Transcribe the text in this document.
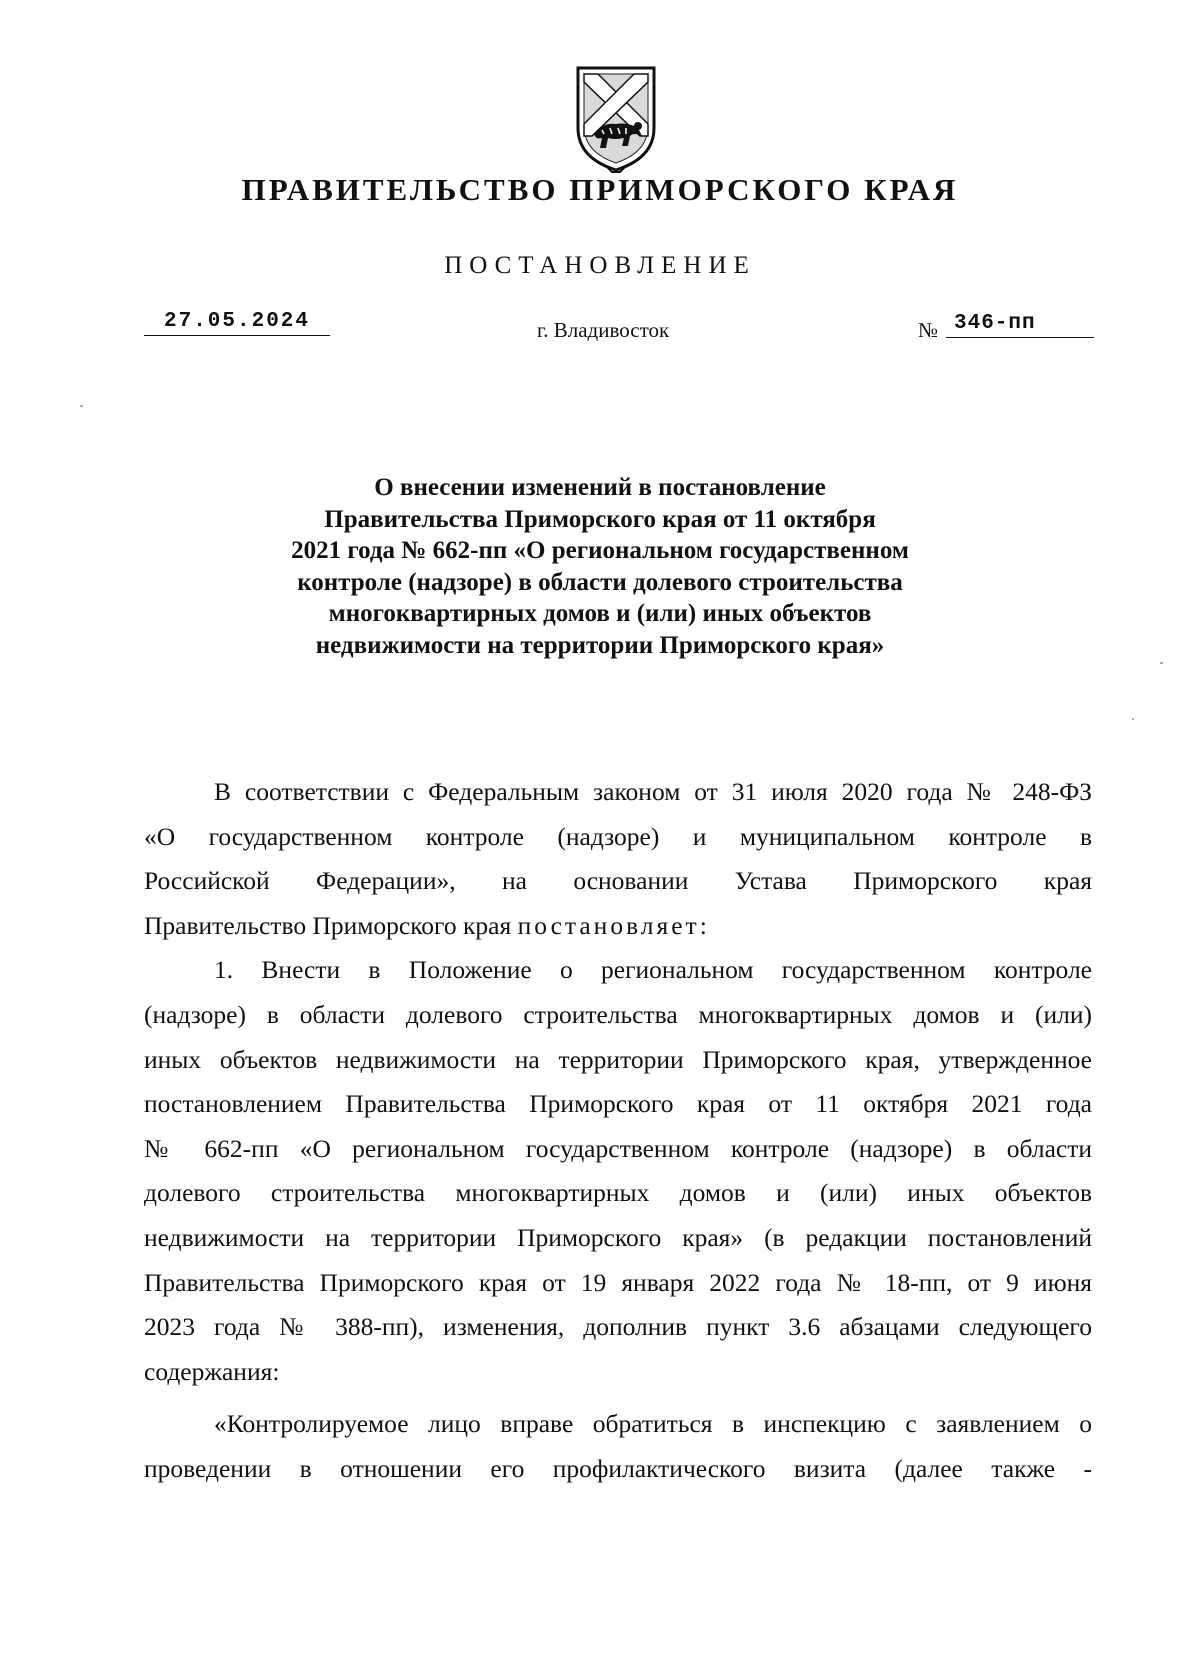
ПРАВИТЕЛЬСТВО ПРИМОРСКОГО КРАЯ
ПОСТАНОВЛЕНИЕ
27.05.2024	г. Владивосток	№ 346-пп
О внесении изменений в постановление
Правительства Приморского края от 11 октября
2021 года № 662-пп «О региональном государственном
контроле (надзоре) в области долевого строительства
многоквартирных домов и (или) иных объектов
недвижимости на территории Приморского края»
В соответствии с Федеральным законом от 31 июля 2020 года № 248-ФЗ
«О государственном контроле (надзоре) и муниципальном контроле в
Российской Федерации», на основании Устава Приморского края
Правительство Приморского края постановляет:
1. Внести в Положение о региональном государственном контроле
(надзоре) в области долевого строительства многоквартирных домов и (или)
иных объектов недвижимости на территории Приморского края, утвержденное
постановлением Правительства Приморского края от 11 октября 2021 года
№ 662-пп «О региональном государственном контроле (надзоре) в области
долевого строительства многоквартирных домов и (или) иных объектов
недвижимости на территории Приморского края» (в редакции постановлений
Правительства Приморского края от 19 января 2022 года № 18-пп, от 9 июня
2023 года № 388-пп), изменения, дополнив пункт 3.6 абзацами следующего
содержания:
«Контролируемое лицо вправе обратиться в инспекцию с заявлением о
проведении в отношении его профилактического визита (далее также -
